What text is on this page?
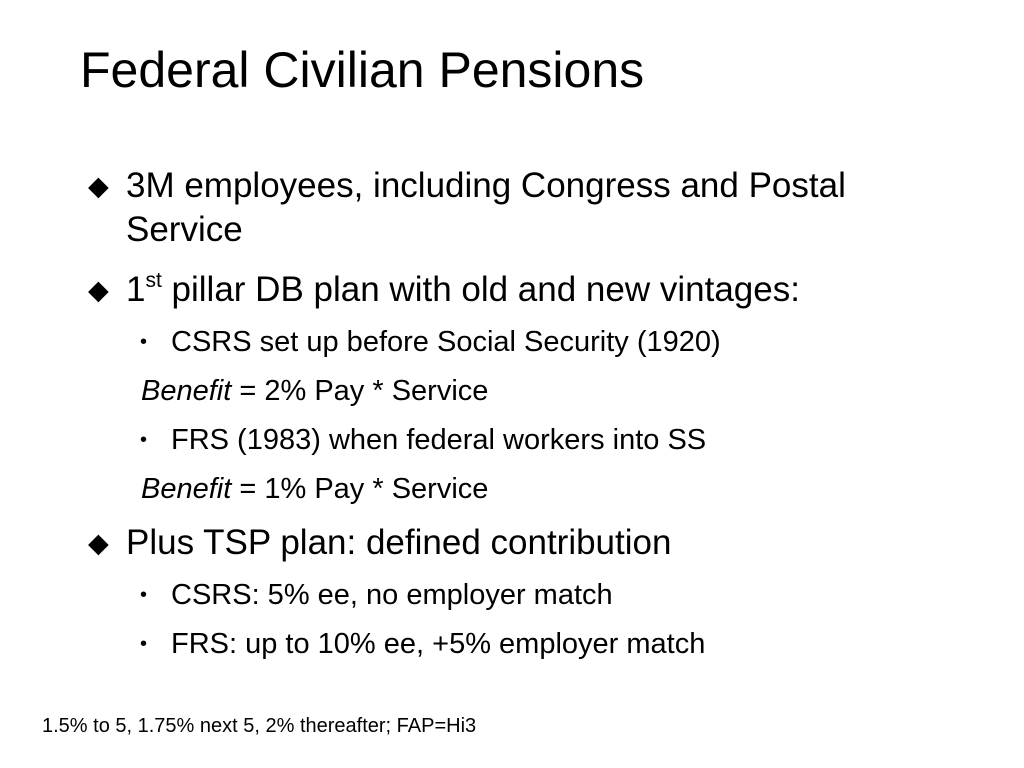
Federal Civilian Pensions
◆ 3M employees, including Congress and Postal Service
◆ 1st pillar DB plan with old and new vintages:
• CSRS set up before Social Security (1920)
Benefit = 2% Pay * Service
• FRS (1983) when federal workers into SS
Benefit = 1% Pay * Service
◆ Plus TSP plan: defined contribution
• CSRS: 5% ee, no employer match
• FRS: up to 10% ee, +5% employer match
1.5% to 5, 1.75% next 5, 2% thereafter; FAP=Hi3
